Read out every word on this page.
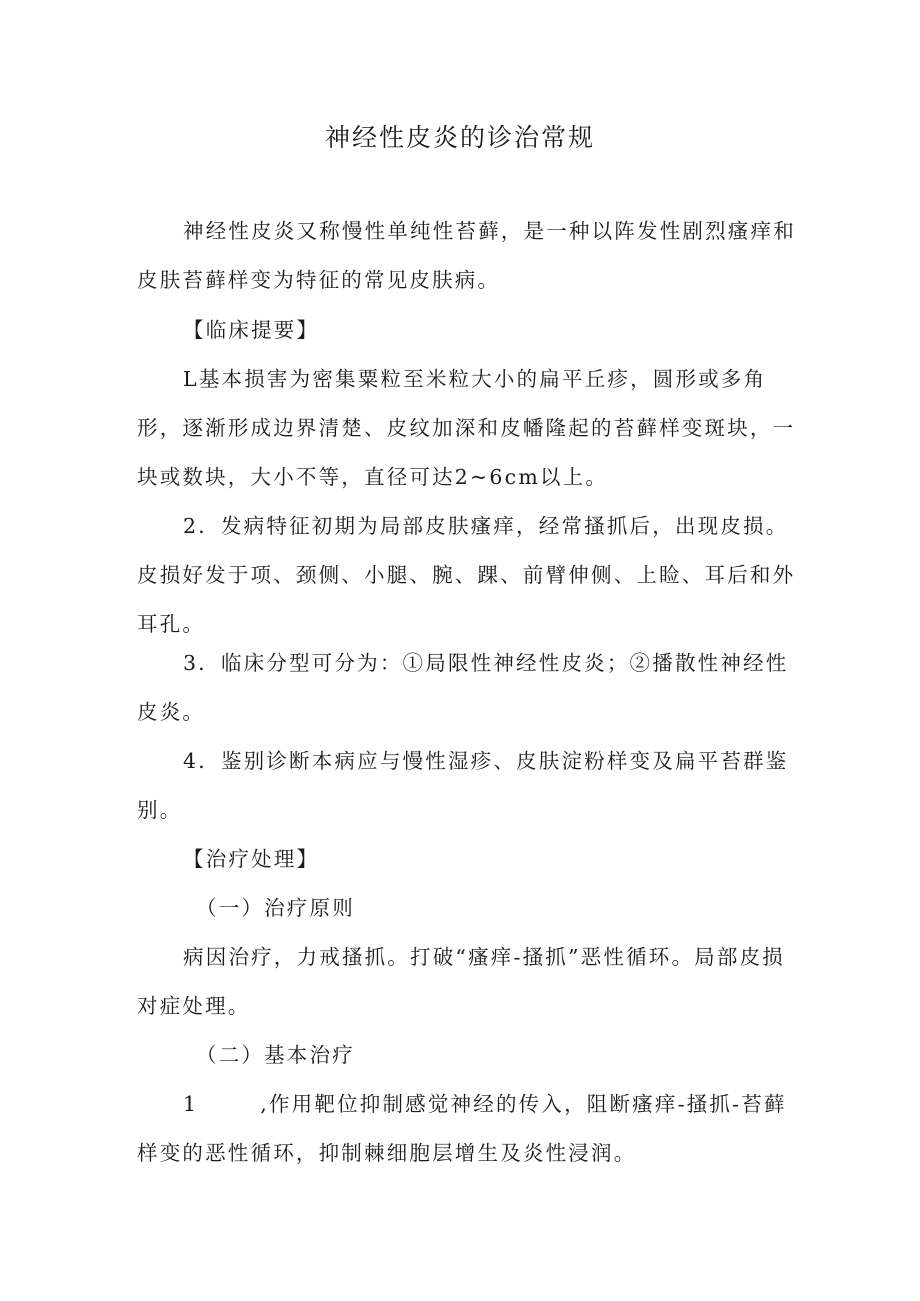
神经性皮炎的诊治常规

神经性皮炎又称慢性单纯性苔藓，是一种以阵发性剧烈瘙痒和皮肤苔藓样变为特征的常见皮肤病。

【临床提要】

L基本损害为密集粟粒至米粒大小的扁平丘疹，圆形或多角形，逐渐形成边界清楚、皮纹加深和皮幡隆起的苔藓样变斑块，一块或数块，大小不等，直径可达2~6cm以上。

2．发病特征初期为局部皮肤瘙痒，经常搔抓后，出现皮损。皮损好发于项、颈侧、小腿、腕、踝、前臂伸侧、上睑、耳后和外耳孔。

3．临床分型可分为：①局限性神经性皮炎；②播散性神经性皮炎。

4．鉴别诊断本病应与慢性湿疹、皮肤淀粉样变及扁平苔群鉴别。

【治疗处理】

（一）治疗原则

病因治疗，力戒搔抓。打破“瘙痒-搔抓”恶性循环。局部皮损对症处理。

（二）基本治疗

1	,作用靶位抑制感觉神经的传入，阻断瘙痒-搔抓-苔藓样变的恶性循环，抑制棘细胞层增生及炎性浸润。
